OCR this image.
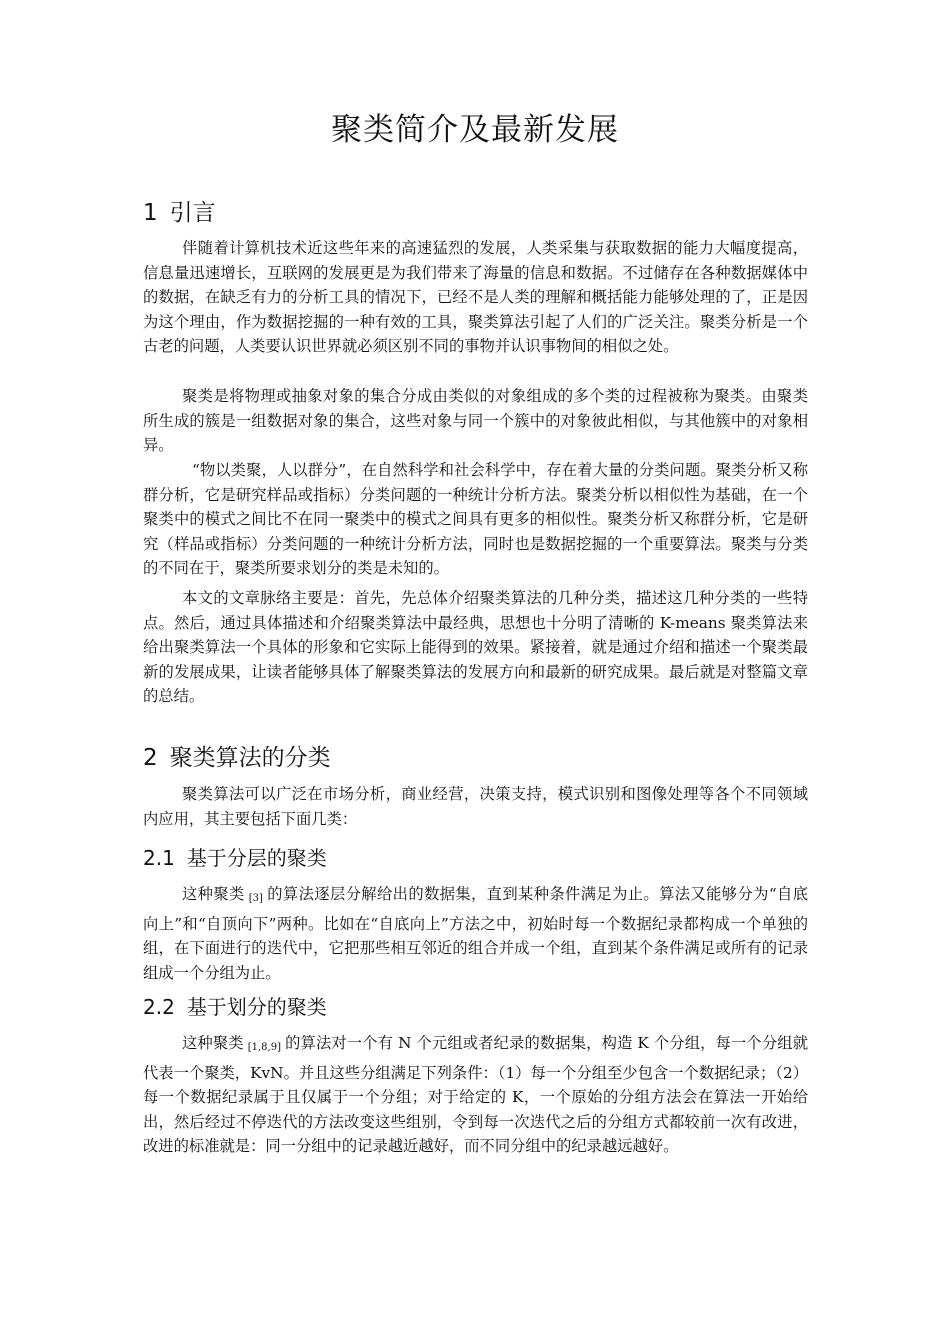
聚类简介及最新发展
1 引言

伴随着计算机技术近这些年来的高速猛烈的发展，人类采集与获取数据的能力大幅度提高，信息量迅速增长，互联网的发展更是为我们带来了海量的信息和数据。不过储存在各种数据媒体中的数据，在缺乏有力的分析工具的情况下，已经不是人类的理解和概括能力能够处理的了，正是因为这个理由，作为数据挖掘的一种有效的工具，聚类算法引起了人们的广泛关注。聚类分析是一个古老的问题，人类要认识世界就必须区别不同的事物并认识事物间的相似之处。

聚类是将物理或抽象对象的集合分成由类似的对象组成的多个类的过程被称为聚类。由聚类所生成的簇是一组数据对象的集合，这些对象与同一个簇中的对象彼此相似，与其他簇中的对象相异。

“物以类聚，人以群分”，在自然科学和社会科学中，存在着大量的分类问题。聚类分析又称群分析，它是研究样品或指标）分类问题的一种统计分析方法。聚类分析以相似性为基础，在一个聚类中的模式之间比不在同一聚类中的模式之间具有更多的相似性。聚类分析又称群分析，它是研究（样品或指标）分类问题的一种统计分析方法，同时也是数据挖掘的一个重要算法。聚类与分类的不同在于，聚类所要求划分的类是未知的。

本文的文章脉络主要是：首先，先总体介绍聚类算法的几种分类，描述这几种分类的一些特点。然后，通过具体描述和介绍聚类算法中最经典，思想也十分明了清晰的 K-means 聚类算法来给出聚类算法一个具体的形象和它实际上能得到的效果。紧接着，就是通过介绍和描述一个聚类最新的发展成果，让读者能够具体了解聚类算法的发展方向和最新的研究成果。最后就是对整篇文章的总结。

2 聚类算法的分类

聚类算法可以广泛在市场分析，商业经营，决策支持，模式识别和图像处理等各个不同领域内应用，其主要包括下面几类：

2.1 基于分层的聚类

这种聚类 $_{[3]}$ 的算法逐层分解给出的数据集，直到某种条件满足为止。算法又能够分为“自底向上”和“自顶向下”两种。比如在“自底向上”方法之中，初始时每一个数据纪录都构成一个单独的组，在下面进行的迭代中，它把那些相互邻近的组合并成一个组，直到某个条件满足或所有的记录组成一个分组为止。

2.2 基于划分的聚类

这种聚类 $_{[1,8,9]}$ 的算法对一个有 N 个元组或者纪录的数据集，构造 K 个分组，每一个分组就代表一个聚类，KvN。并且这些分组满足下列条件：（1）每一个分组至少包含一个数据纪录；（2）每一个数据纪录属于且仅属于一个分组；对于给定的 K，一个原始的分组方法会在算法一开始给出，然后经过不停迭代的方法改变这些组别，令到每一次迭代之后的分组方式都较前一次有改进，改进的标准就是：同一分组中的记录越近越好，而不同分组中的纪录越远越好。
